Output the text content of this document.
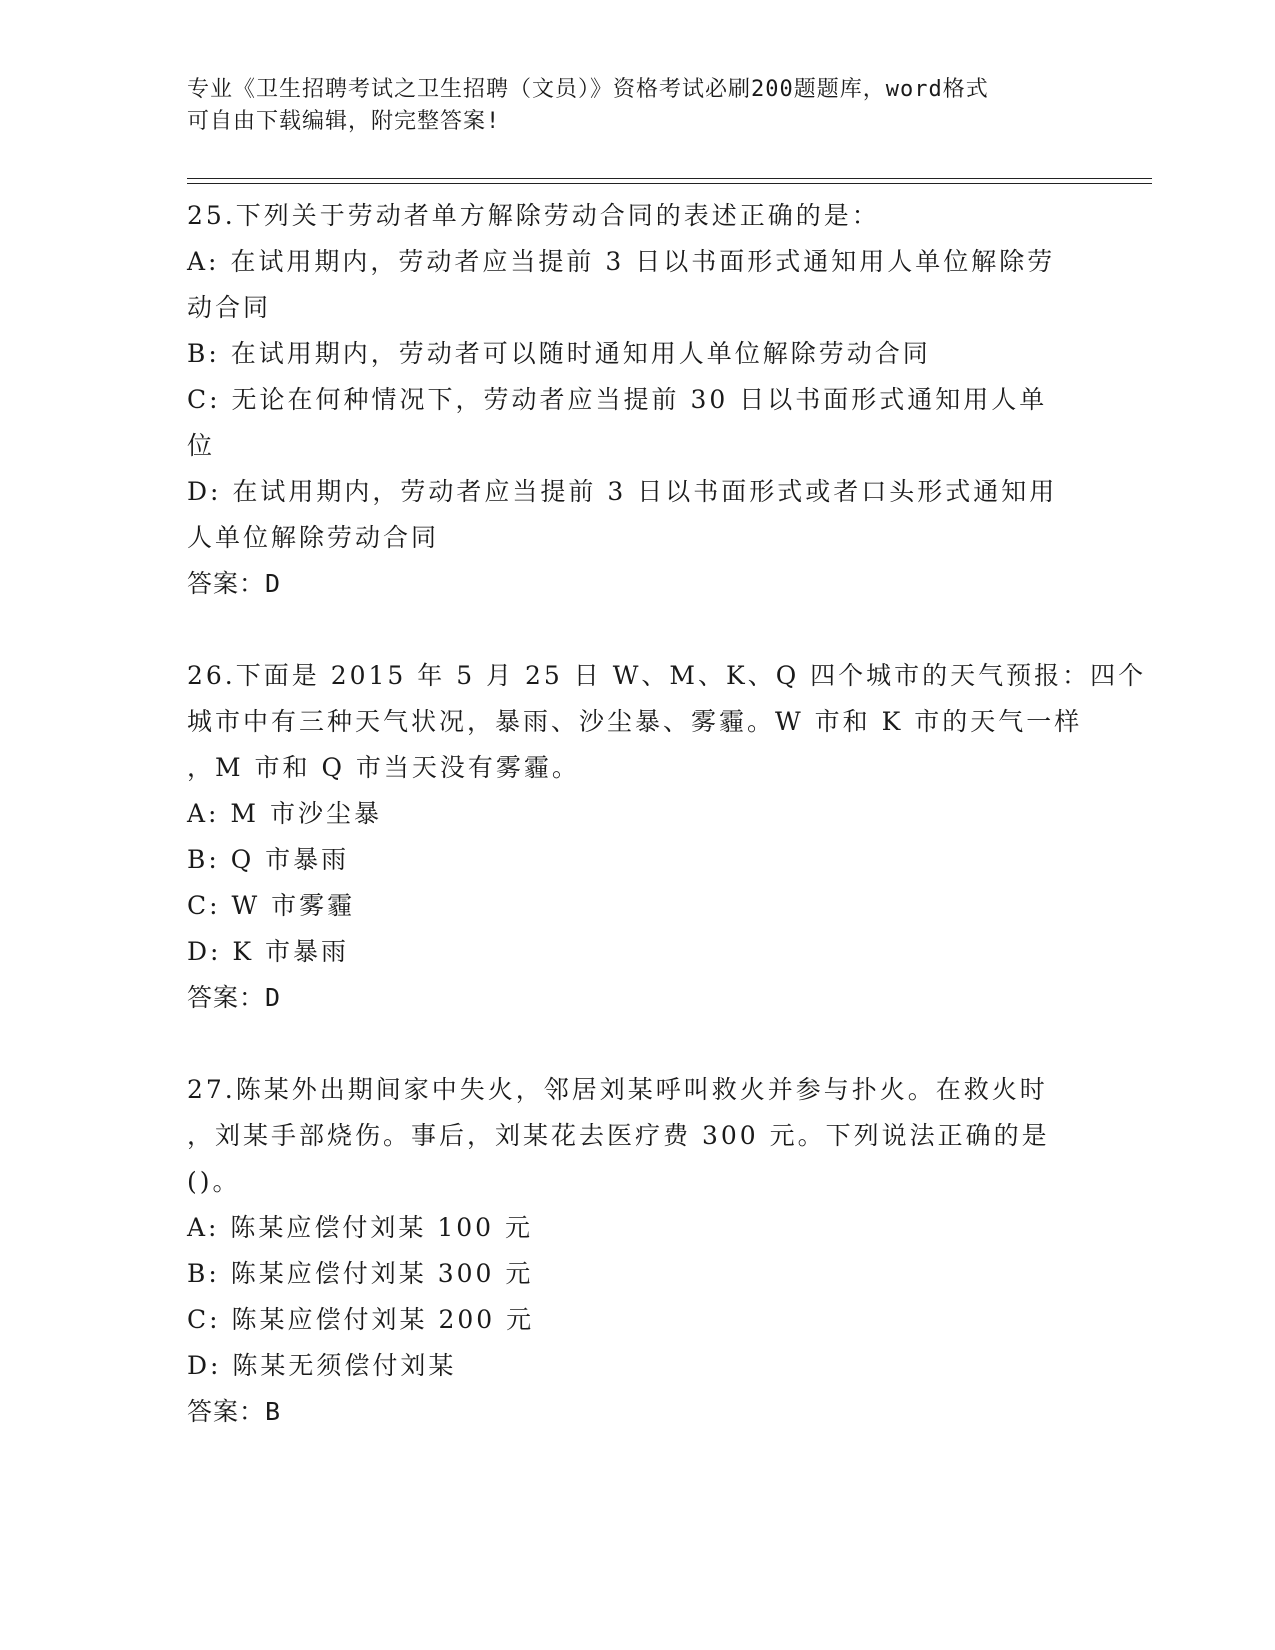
专业《卫生招聘考试之卫生招聘（文员）》资格考试必刷200题题库，word格式
可自由下载编辑，附完整答案!
25.下列关于劳动者单方解除劳动合同的表述正确的是：
A: 在试用期内，劳动者应当提前 3 日以书面形式通知用人单位解除劳
动合同
B: 在试用期内，劳动者可以随时通知用人单位解除劳动合同
C: 无论在何种情况下，劳动者应当提前 30 日以书面形式通知用人单
位
D: 在试用期内，劳动者应当提前 3 日以书面形式或者口头形式通知用
人单位解除劳动合同
答案：D
26.下面是 2015 年 5 月 25 日 W、M、K、Q 四个城市的天气预报：四个
城市中有三种天气状况，暴雨、沙尘暴、雾霾。W 市和 K 市的天气一样
，M 市和 Q 市当天没有雾霾。
A: M 市沙尘暴
B: Q 市暴雨
C: W 市雾霾
D: K 市暴雨
答案：D
27.陈某外出期间家中失火，邻居刘某呼叫救火并参与扑火。在救火时
，刘某手部烧伤。事后，刘某花去医疗费 300 元。下列说法正确的是
()。
A: 陈某应偿付刘某 100 元
B: 陈某应偿付刘某 300 元
C: 陈某应偿付刘某 200 元
D: 陈某无须偿付刘某
答案：B
